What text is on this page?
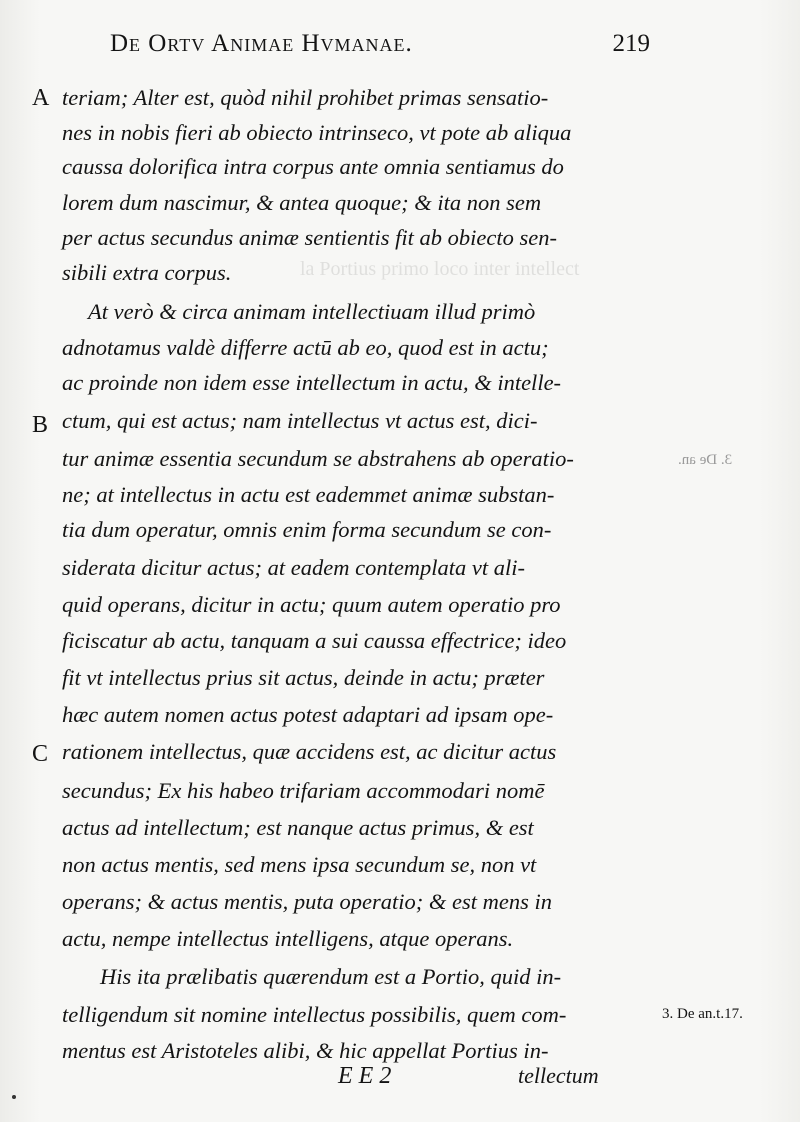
la Portius primo loco inter intellect
De Ortv Animae Hvmanae.	219
A
B
C
teriam; Alter est, quòd nihil prohibet primas sensatio-
nes in nobis fieri ab obiecto intrinseco, vt pote ab aliqua
caussa dolorifica intra corpus ante omnia sentiamus do
lorem dum nascimur, & antea quoque; & ita non sem
per actus secundus animæ sentientis fit ab obiecto sen-
sibili extra corpus.
At verò & circa animam intellectiuam illud primò
adnotamus valdè differre actū ab eo, quod est in actu;
ac proinde non idem esse intellectum in actu, & intelle-
ctum, qui est actus; nam intellectus vt actus est, dici-
tur animæ essentia secundum se abstrahens ab operatio-
ne; at intellectus in actu est eademmet animæ substan-
tia dum operatur, omnis enim forma secundum se con-
siderata dicitur actus; at eadem contemplata vt ali-
quid operans, dicitur in actu; quum autem operatio pro
ficiscatur ab actu, tanquam a sui caussa effectrice; ideo
fit vt intellectus prius sit actus, deinde in actu; præter
hæc autem nomen actus potest adaptari ad ipsam ope-
rationem intellectus, quæ accidens est, ac dicitur actus
secundus; Ex his habeo trifariam accommodari nomē
actus ad intellectum; est nanque actus primus, & est
non actus mentis, sed mens ipsa secundum se, non vt
operans; & actus mentis, puta operatio; & est mens in
actu, nempe intellectus intelligens, atque operans.
His ita prælibatis quærendum est a Portio, quid in-
telligendum sit nomine intellectus possibilis, quem com-
mentus est Aristoteles alibi, & hic appellat Portius in-
3. De an.
3. De an.t.17.
E E 2	tellectum
